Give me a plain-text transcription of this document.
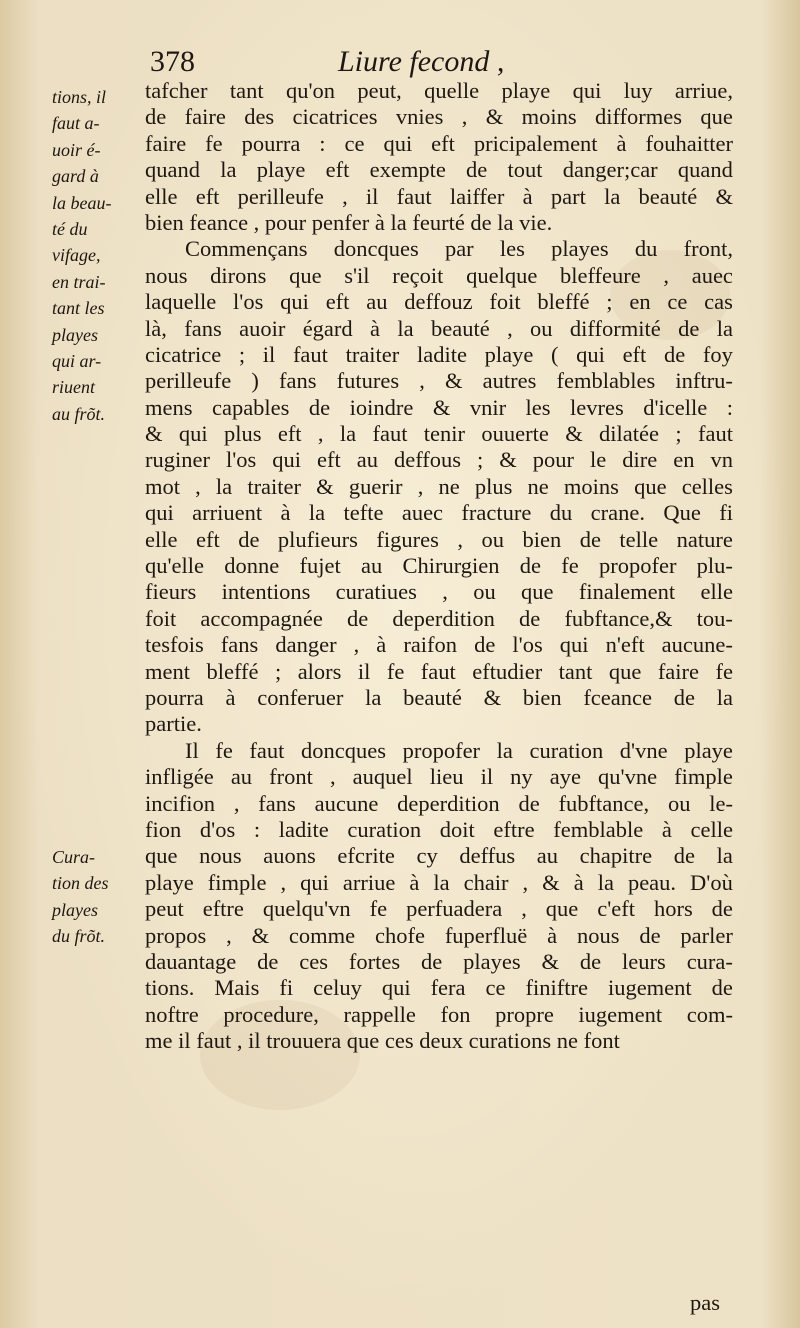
378	Liure fecond ,
tions, il
faut a-
uoir é-
gard à
la beau-
té du
vifage,
en trai-
tant les
playes
qui ar-
riuent
au frõt.
Cura-
tion des
playes
du frõt.
tafcher tant qu'on peut, quelle playe qui luy arriue,
de faire des cicatrices vnies , & moins difformes que
faire fe pourra : ce qui eft pricipalement à fouhaitter
quand la playe eft exempte de tout danger;car quand
elle eft perilleufe , il faut laiffer à part la beauté &
bien feance , pour penfer à la feurté de la vie.
Commençans doncques par les playes du front,
nous dirons que s'il reçoit quelque bleffeure , auec
laquelle l'os qui eft au deffouz foit bleffé ; en ce cas
là, fans auoir égard à la beauté , ou difformité de la
cicatrice ; il faut traiter ladite playe ( qui eft de foy
perilleufe ) fans futures , & autres femblables inftru-
mens capables de ioindre & vnir les levres d'icelle :
& qui plus eft , la faut tenir ouuerte & dilatée ; faut
ruginer l'os qui eft au deffous ; & pour le dire en vn
mot , la traiter & guerir , ne plus ne moins que celles
qui arriuent à la tefte auec fracture du crane. Que fi
elle eft de plufieurs figures , ou bien de telle nature
qu'elle donne fujet au Chirurgien de fe propofer plu-
fieurs intentions curatiues , ou que finalement elle
foit accompagnée de deperdition de fubftance,& tou-
tesfois fans danger , à raifon de l'os qui n'eft aucune-
ment bleffé ; alors il fe faut eftudier tant que faire fe
pourra à conferuer la beauté & bien fceance de la
partie.
Il fe faut doncques propofer la curation d'vne playe
infligée au front , auquel lieu il ny aye qu'vne fimple
incifion , fans aucune deperdition de fubftance, ou le-
fion d'os : ladite curation doit eftre femblable à celle
que nous auons efcrite cy deffus au chapitre de la
playe fimple , qui arriue à la chair , & à la peau. D'où
peut eftre quelqu'vn fe perfuadera , que c'eft hors de
propos , & comme chofe fuperfluë à nous de parler
dauantage de ces fortes de playes & de leurs cura-
tions. Mais fi celuy qui fera ce finiftre iugement de
noftre procedure, rappelle fon propre iugement com-
me il faut , il trouuera que ces deux curations ne font
pas
